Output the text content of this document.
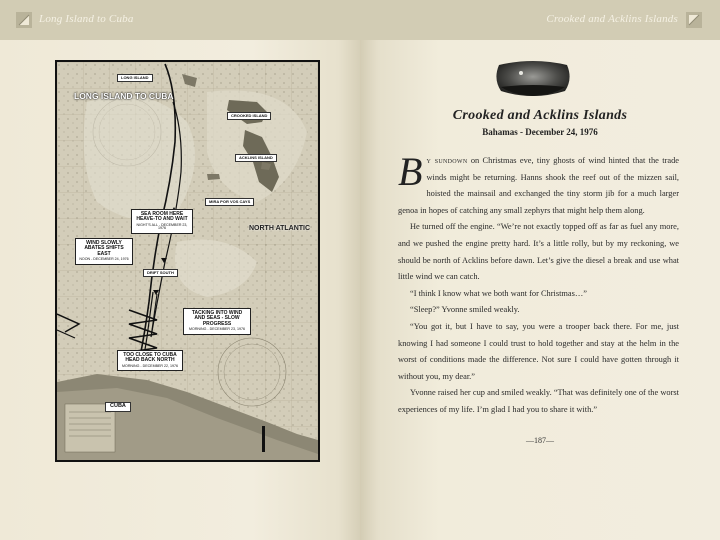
Long Island to Cuba
LONG ISLAND TO CUBA
LONG ISLAND
CROOKED ISLAND
ACKLINS ISLAND
MIRA POR VOS CAYS
NORTH ATLANTIC
SEA ROOM HERE HEAVE-TO AND WAIT
NIGHT'S ALL - DECEMBER 23, 1976
WIND SLOWLY ABATES SHIFTS EAST
NOON - DECEMBER 24, 1976
DRIFT SOUTH
TACKING INTO WIND AND SEAS - SLOW PROGRESS
MORNING - DECEMBER 23, 1976
TOO CLOSE TO CUBA HEAD BACK NORTH
MORNING - DECEMBER 22, 1976
CUBA
Crooked and Acklins Islands
Crooked and Acklins Islands
Bahamas - December 24, 1976

By sundown on Christmas eve, tiny ghosts of wind hinted that the trade winds might be returning. Hanns shook the reef out of the mizzen sail, hoisted the mainsail and exchanged the tiny storm jib for a much larger genoa in hopes of catching any small zephyrs that might help them along.

He turned off the engine. “We’re not exactly topped off as far as fuel any more, and we pushed the engine pretty hard. It’s a little rolly, but by my reckoning, we should be north of Acklins before dawn. Let’s give the diesel a break and use what little wind we can catch.

“I think I know what we both want for Christmas…”

“Sleep?” Yvonne smiled weakly.

“You got it, but I have to say, you were a trooper back there. For me, just knowing I had someone I could trust to hold together and stay at the helm in the worst of conditions made the difference. Not sure I could have gotten through it without you, my dear.”

Yvonne raised her cup and smiled weakly. “That was definitely one of the worst experiences of my life. I’m glad I had you to share it with.”

—187—
